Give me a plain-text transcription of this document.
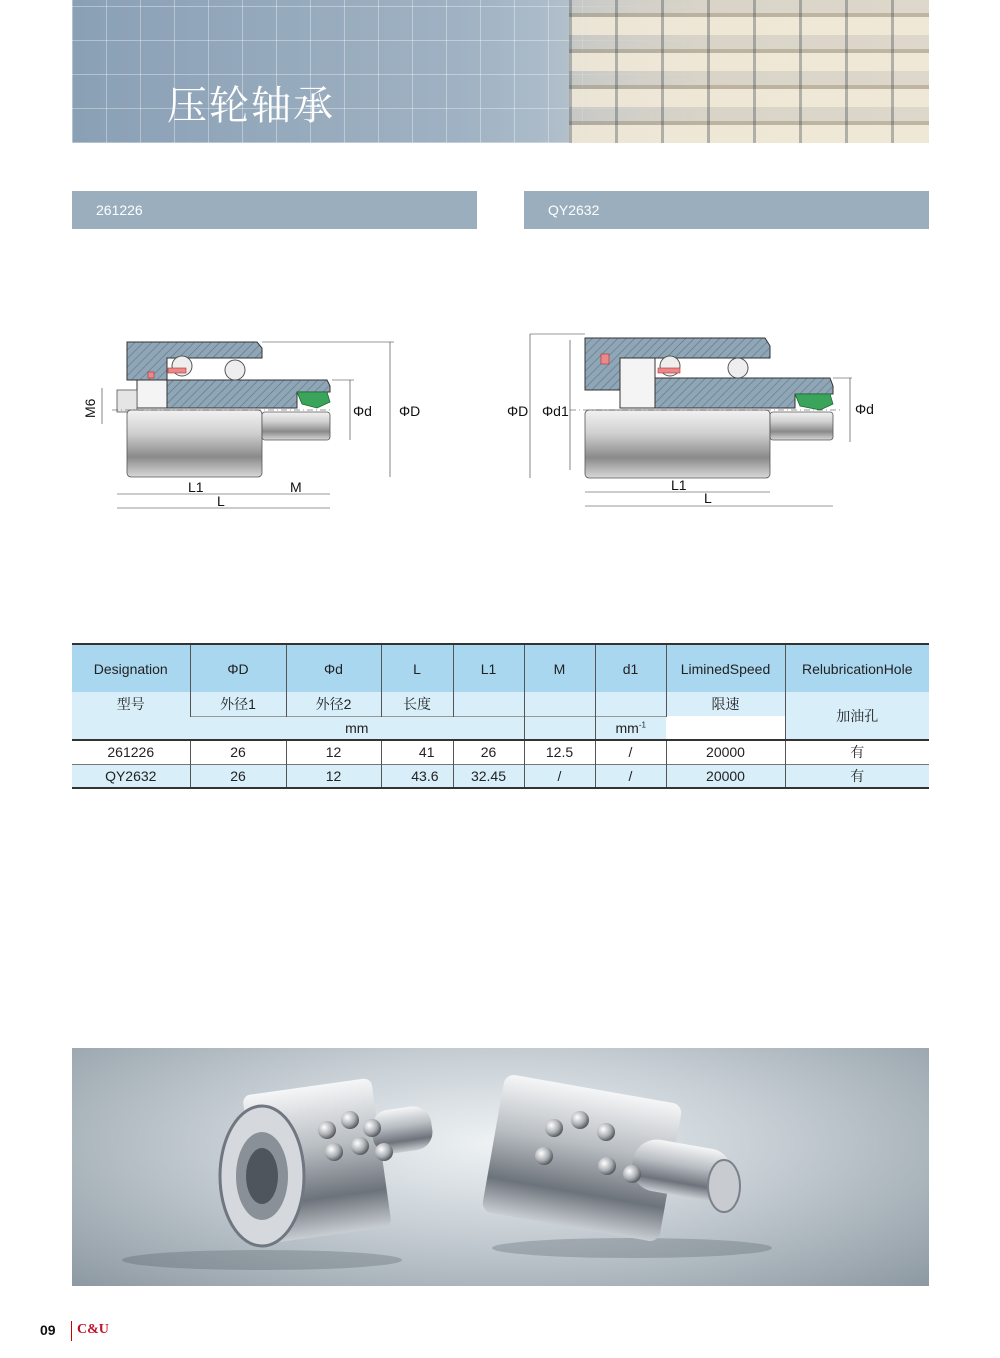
压轮轴承
261226	QY2632
M6	Φd ΦD
L1	M
L
ΦD Φd1	Φd
L1
L
Designation	ΦD	Φd	L	L1	M	d1	LiminedSpeed	RelubricationHole
型号	外径1	外径2	长度				限速	加油孔
	mm					$mm^{-1}$
261226	26	12	41	26	12.5	/	20000	有
QY2632	26	12	43.6	32.45	/	/	20000	有
09 C&U
